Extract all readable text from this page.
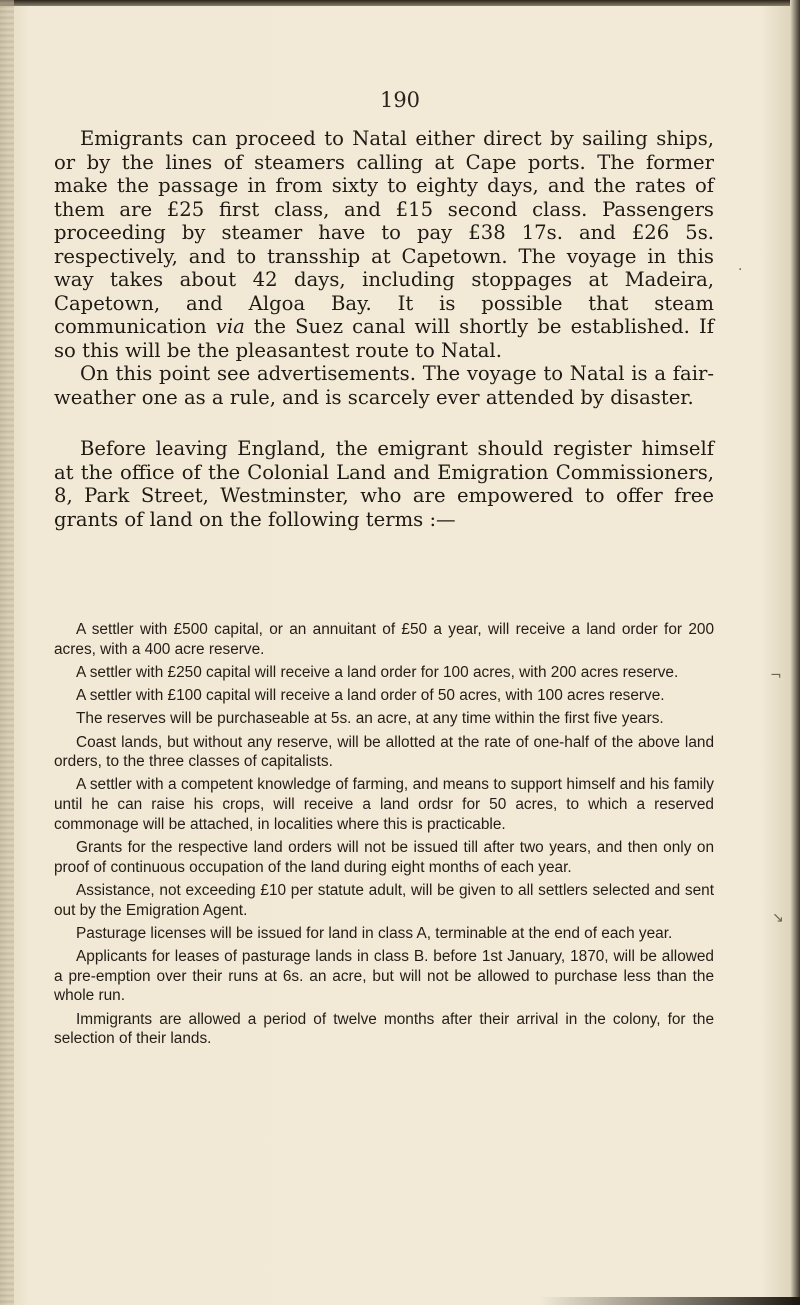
·
¬
↘
190

Emigrants can proceed to Natal either direct by sailing ships, or by the lines of steamers calling at Cape ports. The former make the passage in from sixty to eighty days, and the rates of them are £25 first class, and £15 second class. Passengers proceeding by steamer have to pay £38 17s. and £26 5s. respectively, and to transship at Capetown. The voyage in this way takes about 42 days, including stoppages at Madeira, Capetown, and Algoa Bay. It is possible that steam communication via the Suez canal will shortly be established. If so this will be the pleasantest route to Natal.

On this point see advertisements. The voyage to Natal is a fair-weather one as a rule, and is scarcely ever attended by disaster.

Before leaving England, the emigrant should register himself at the office of the Colonial Land and Emigration Commissioners, 8, Park Street, Westminster, who are empowered to offer free grants of land on the following terms :—

A settler with £500 capital, or an annuitant of £50 a year, will receive a land order for 200 acres, with a 400 acre reserve.

A settler with £250 capital will receive a land order for 100 acres, with 200 acres reserve.

A settler with £100 capital will receive a land order of 50 acres, with 100 acres reserve.

The reserves will be purchaseable at 5s. an acre, at any time within the first five years.

Coast lands, but without any reserve, will be allotted at the rate of one-half of the above land orders, to the three classes of capitalists.

A settler with a competent knowledge of farming, and means to support himself and his family until he can raise his crops, will receive a land ordsr for 50 acres, to which a reserved commonage will be attached, in localities where this is practicable.

Grants for the respective land orders will not be issued till after two years, and then only on proof of continuous occupation of the land during eight months of each year.

Assistance, not exceeding £10 per statute adult, will be given to all settlers selected and sent out by the Emigration Agent.

Pasturage licenses will be issued for land in class A, terminable at the end of each year.

Applicants for leases of pasturage lands in class B. before 1st January, 1870, will be allowed a pre-emption over their runs at 6s. an acre, but will not be allowed to purchase less than the whole run.

Immigrants are allowed a period of twelve months after their arrival in the colony, for the selection of their lands.
